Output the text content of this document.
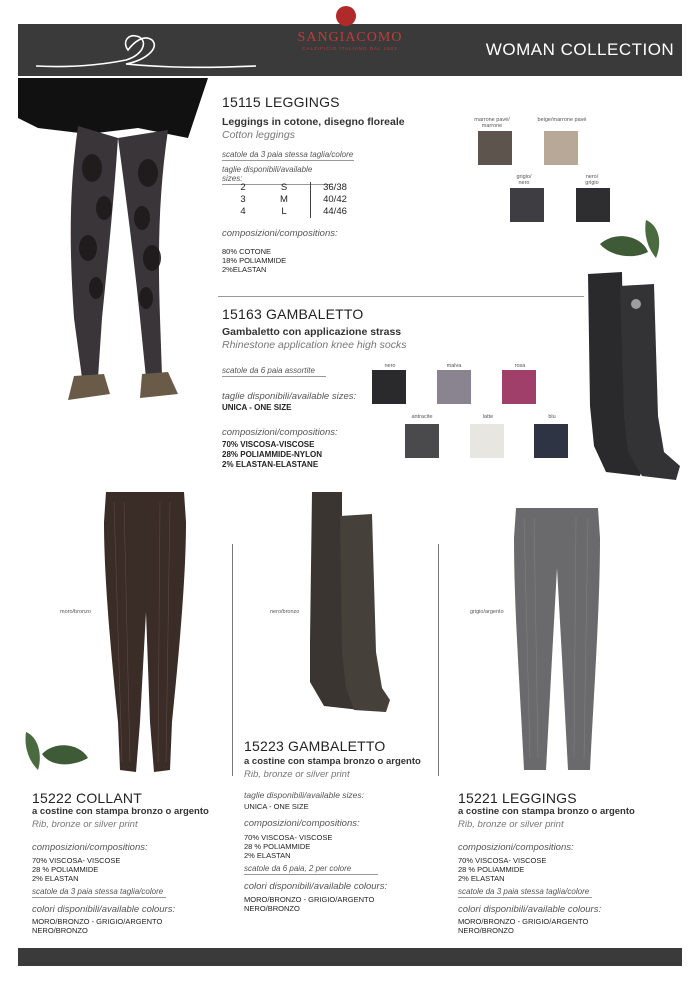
SANGIACOMO
CALZIFICIO ITALIANO DAL 1922	WOMAN COLLECTION
15115 LEGGINGS
Leggings in cotone, disegno floreale
Cotton leggings
scatole da 3 paia stessa taglia/colore
taglie disponibili/available sizes:
2	S	36/38
3	M	40/42
4	L	44/46
composizioni/compositions:
80% COTONE
18% POLIAMMIDE
2%ELASTAN
marrone pavé/ marrone
beige/marrone pavé
grigio/ nero
nero/ grigio
15163 GAMBALETTO
Gambaletto con applicazione strass
Rhinestone application knee high socks
scatole da 6 paia assortite
taglie disponibili/available sizes:
UNICA - ONE SIZE
composizioni/compositions:
70% VISCOSA-VISCOSE
28% POLIAMMIDE-NYLON
2% ELASTAN-ELASTANE
nero	malva	rosa
antracite	latte	blu
moro/bronzo
15222 COLLANT
a costine con stampa bronzo o argento
Rib, bronze or silver print
composizioni/compositions:
70% VISCOSA- VISCOSE
28 % POLIAMMIDE
2% ELASTAN
scatole da 3 paia stessa taglia/colore
colori disponibili/available colours:
MORO/BRONZO - GRIGIO/ARGENTO
NERO/BRONZO
nero/bronzo
15223 GAMBALETTO
a costine con stampa bronzo o argento
Rib, bronze or silver print
taglie disponibili/available sizes:
UNICA - ONE SIZE
composizioni/compositions:
70% VISCOSA- VISCOSE
28 % POLIAMMIDE
2% ELASTAN
scatole da 6 paia, 2 per colore
colori disponibili/available colours:
MORO/BRONZO - GRIGIO/ARGENTO
NERO/BRONZO
grigio/argento
15221 LEGGINGS
a costine con stampa bronzo o argento
Rib, bronze or silver print
composizioni/compositions:
70% VISCOSA- VISCOSE
28 % POLIAMMIDE
2% ELASTAN
scatole da 3 paia stessa taglia/colore
colori disponibili/available colours:
MORO/BRONZO - GRIGIO/ARGENTO
NERO/BRONZO
